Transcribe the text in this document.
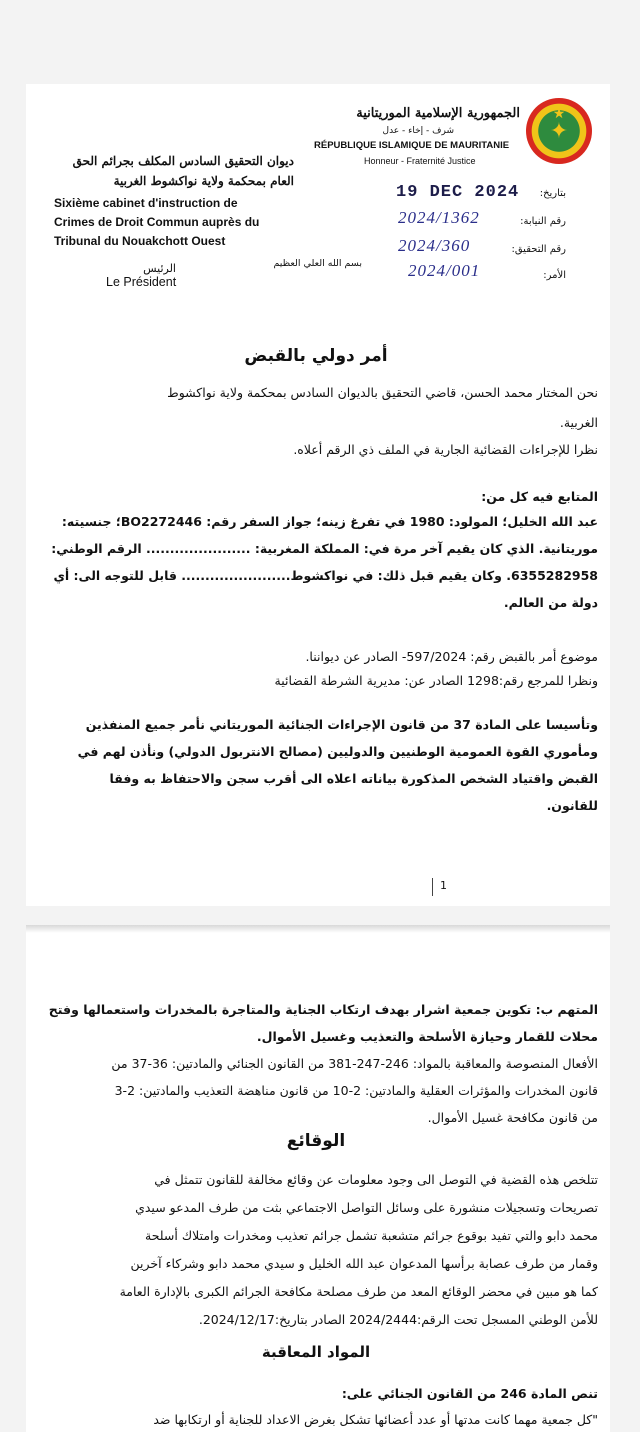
★
✦
الجمهورية الإسلامية الموريتانية
شرف - إخاء - عدل
RÉPUBLIQUE ISLAMIQUE DE MAURITANIE
Honneur - Fraternité Justice
ديوان التحقيق السادس المكلف بجرائم الحق
العام بمحكمة ولاية نواكشوط الغربية
Sixième cabinet d'instruction de
Crimes de Droit Commun auprès du
Tribunal du Nouakchott Ouest
بتاريخ:
19 DEC 2024
رقم النيابة:
2024/1362
رقم التحقيق:
2024/360
الأمر:
2024/001
بسم الله العلي العظيم
الرئيس
Le Président
أمر دولي بالقبض
نحن المختار محمد الحسن، قاضي التحقيق بالديوان السادس بمحكمة ولاية نواكشوط
الغربية.
نظرا للإجراءات القضائية الجارية في الملف ذي الرقم أعلاه.
المتابع فيه كل من:
عبد الله الخليل؛ المولود: 1980 في تفرغ زينه؛ جواز السفر رقم: BO2272446؛ جنسيته:
موريتانية. الذي كان يقيم آخر مرة في: المملكة المغربية: ...................... الرقم الوطني:
6355282958. وكان يقيم قبل ذلك: في نواكشوط....................... قابل للتوجه الى: أي
دولة من العالم.
موضوع أمر بالقبض رقم: 597/2024- الصادر عن ديواننا.
ونظرا للمرجع رقم:1298 الصادر عن: مديرية الشرطة القضائية
وتأسيسا على المادة 37 من قانون الإجراءات الجنائية الموريتاني نأمر جميع المنفذين
ومأموري القوة العمومية الوطنيين والدوليين (مصالح الانتربول الدولي) ونأذن لهم في
القبض واقتياد الشخص المذكورة بياناته اعلاه الى أقرب سجن والاحتفاظ به وفقا
للقانون.
1
المتهم ب: تكوين جمعية اشرار بهدف ارتكاب الجناية والمتاجرة بالمخدرات واستعمالها وفتح
محلات للقمار وحيازة الأسلحة والتعذيب وغسيل الأموال.
الأفعال المنصوصة والمعاقبة بالمواد: 246-247-381 من القانون الجنائي والمادتين: 36-37 من
قانون المخدرات والمؤثرات العقلية والمادتين: 2-10 من قانون مناهضة التعذيب والمادتين: 2-3
من قانون مكافحة غسيل الأموال.
الوقائع
تتلخص هذه القضية في التوصل الى وجود معلومات عن وقائع مخالفة للقانون تتمثل في
تصريحات وتسجيلات منشورة على وسائل التواصل الاجتماعي بثت من طرف المدعو سيدي
محمد دابو والتي تفيد بوقوع جرائم متشعبة تشمل جرائم تعذيب ومخدرات وامتلاك أسلحة
وقمار من طرف عصابة برأسها المدعوان عبد الله الخليل و سيدي محمد دابو وشركاء آخرين
كما هو مبين في محضر الوقائع المعد من طرف مصلحة مكافحة الجرائم الكبرى بالإدارة العامة
للأمن الوطني المسجل تحت الرقم:2024/2444 الصادر بتاريخ:2024/12/17.
المواد المعاقبة
تنص المادة 246 من القانون الجنائي على:
"كل جمعية مهما كانت مدتها أو عدد أعضائها تشكل بغرض الاعداد للجناية أو ارتكابها ضد
